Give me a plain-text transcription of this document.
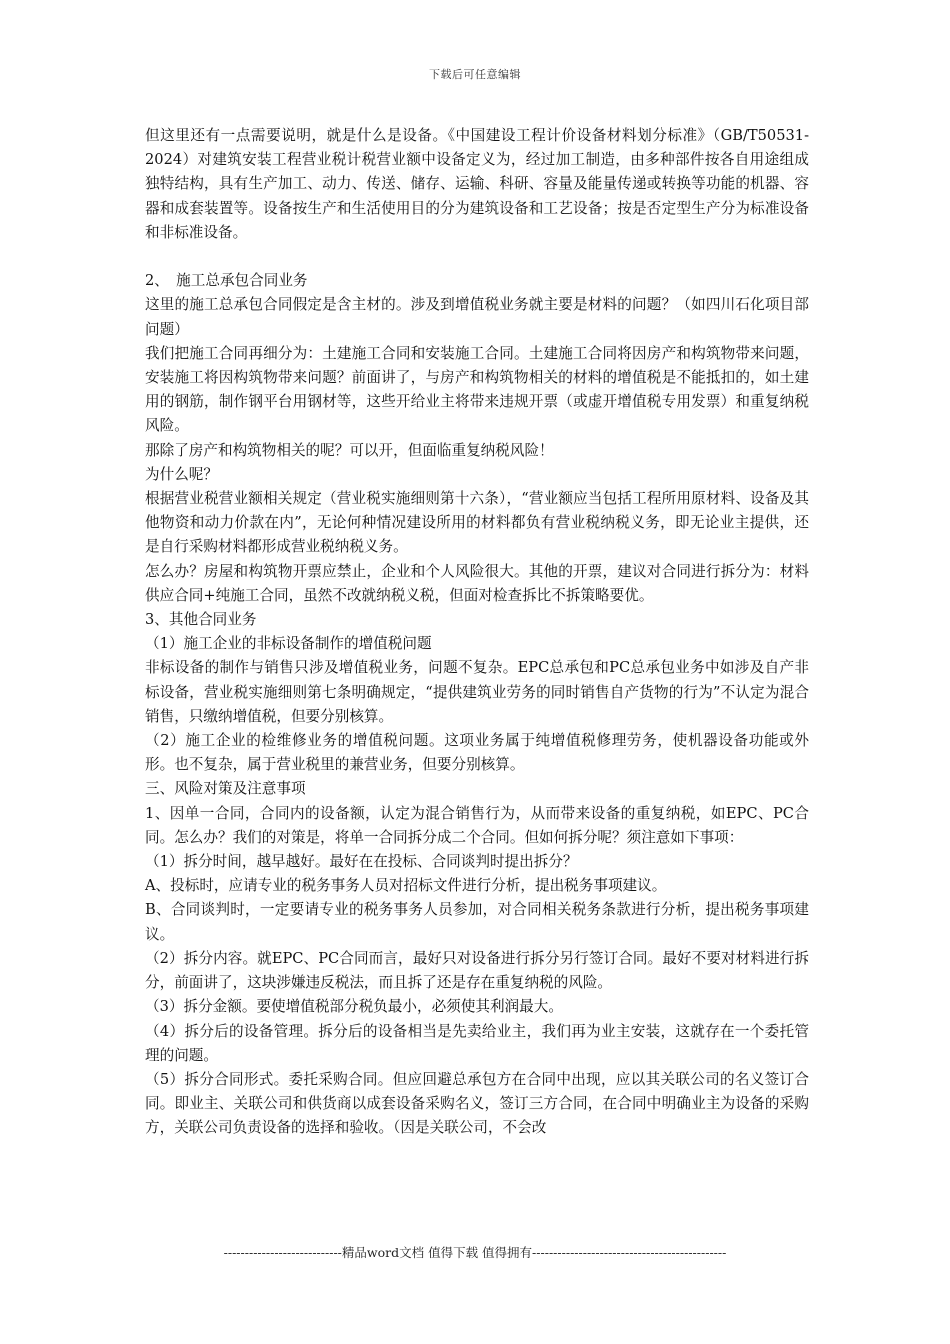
下载后可任意编辑

但这里还有一点需要说明，就是什么是设备。《中国建设工程计价设备材料划分标准》（GB/T50531-2024）对建筑安装工程营业税计税营业额中设备定义为，经过加工制造，由多种部件按各自用途组成独特结构，具有生产加工、动力、传送、储存、运输、科研、容量及能量传递或转换等功能的机器、容器和成套装置等。设备按生产和生活使用目的分为建筑设备和工艺设备；按是否定型生产分为标准设备和非标准设备。

2、　施工总承包合同业务

这里的施工总承包合同假定是含主材的。涉及到增值税业务就主要是材料的问题？（如四川石化项目部问题）

我们把施工合同再细分为：土建施工合同和安装施工合同。土建施工合同将因房产和构筑物带来问题，安装施工将因构筑物带来问题？前面讲了，与房产和构筑物相关的材料的增值税是不能抵扣的，如土建用的钢筋，制作钢平台用钢材等，这些开给业主将带来违规开票（或虚开增值税专用发票）和重复纳税风险。

那除了房产和构筑物相关的呢？可以开，但面临重复纳税风险！

为什么呢？

根据营业税营业额相关规定（营业税实施细则第十六条），“营业额应当包括工程所用原材料、设备及其他物资和动力价款在内”，无论何种情况建设所用的材料都负有营业税纳税义务，即无论业主提供，还是自行采购材料都形成营业税纳税义务。

怎么办？房屋和构筑物开票应禁止，企业和个人风险很大。其他的开票，建议对合同进行拆分为：材料供应合同+纯施工合同，虽然不改就纳税义税，但面对检查拆比不拆策略要优。

3、其他合同业务

（1）施工企业的非标设备制作的增值税问题

非标设备的制作与销售只涉及增值税业务，问题不复杂。EPC总承包和PC总承包业务中如涉及自产非标设备，营业税实施细则第七条明确规定，“提供建筑业劳务的同时销售自产货物的行为”不认定为混合销售，只缴纳增值税，但要分别核算。

（2）施工企业的检维修业务的增值税问题。这项业务属于纯增值税修理劳务，使机器设备功能或外形。也不复杂，属于营业税里的兼营业务，但要分别核算。

三、风险对策及注意事项

1、因单一合同，合同内的设备额，认定为混合销售行为，从而带来设备的重复纳税，如EPC、PC合同。怎么办？我们的对策是，将单一合同拆分成二个合同。但如何拆分呢？须注意如下事项：

（1）拆分时间，越早越好。最好在在投标、合同谈判时提出拆分？

A、投标时，应请专业的税务事务人员对招标文件进行分析，提出税务事项建议。

B、合同谈判时，一定要请专业的税务事务人员参加，对合同相关税务条款进行分析，提出税务事项建议。

（2）拆分内容。就EPC、PC合同而言，最好只对设备进行拆分另行签订合同。最好不要对材料进行拆分，前面讲了，这块涉嫌违反税法，而且拆了还是存在重复纳税的风险。

（3）拆分金额。要使增值税部分税负最小，必须使其利润最大。

（4）拆分后的设备管理。拆分后的设备相当是先卖给业主，我们再为业主安装，这就存在一个委托管理的问题。

（5）拆分合同形式。委托采购合同。但应回避总承包方在合同中出现，应以其关联公司的名义签订合同。即业主、关联公司和供货商以成套设备采购名义，签订三方合同，在合同中明确业主为设备的采购方，关联公司负责设备的选择和验收。（因是关联公司，不会改

----------------------------精品word文档 值得下载 值得拥有----------------------------------------------
